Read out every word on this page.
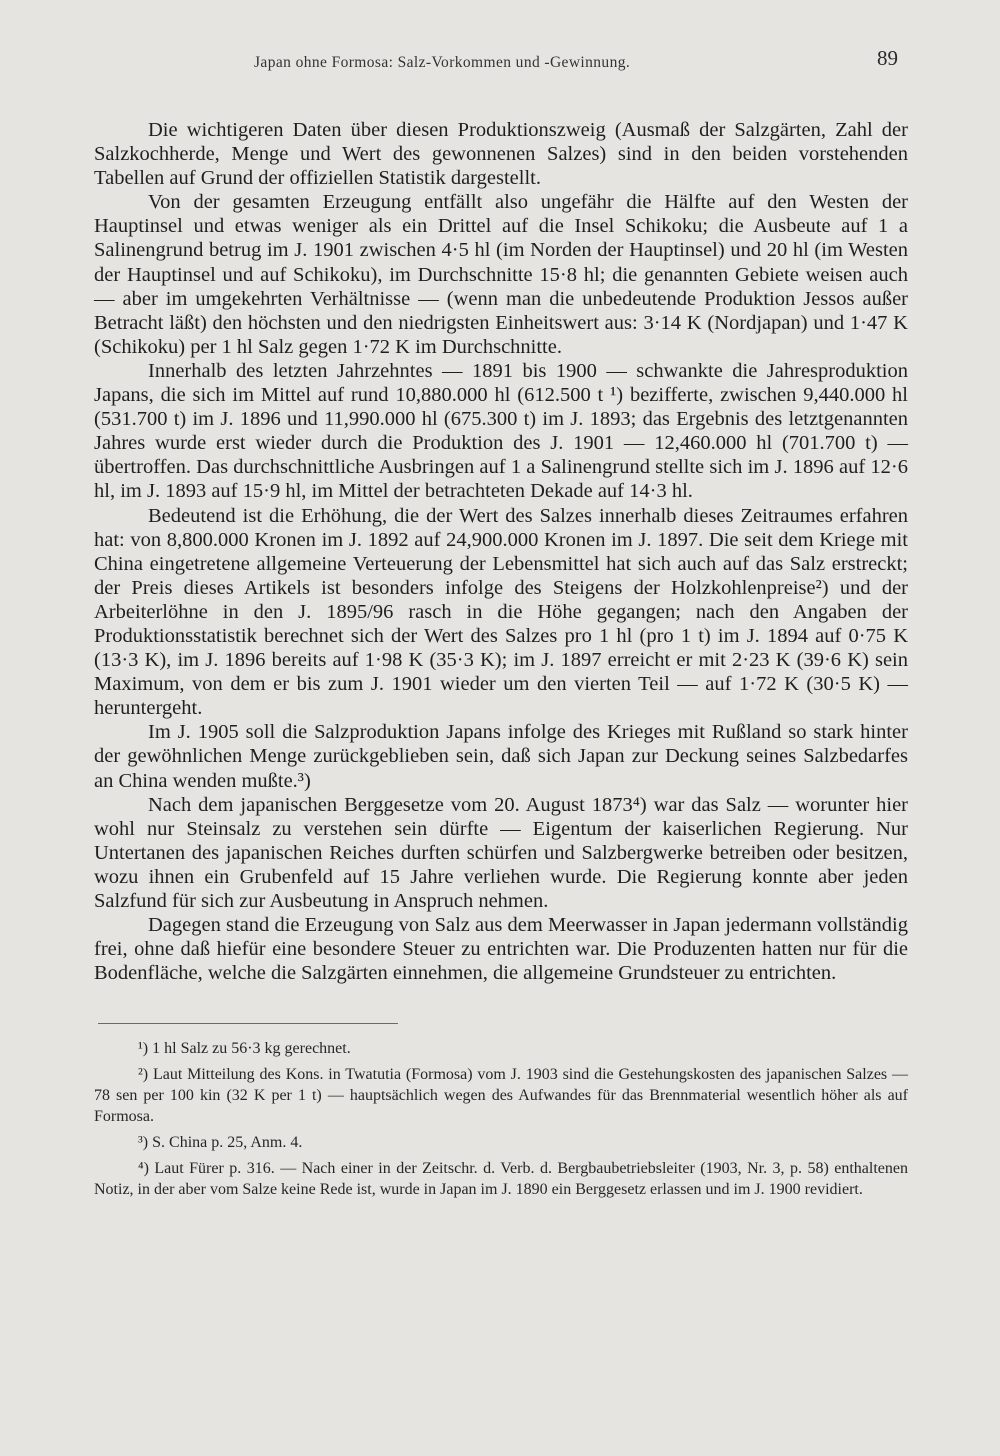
Japan ohne Formosa: Salz-Vorkommen und -Gewinnung.	89

Die wichtigeren Daten über diesen Produktionszweig (Ausmaß der Salzgärten, Zahl der Salzkochherde, Menge und Wert des gewonnenen Salzes) sind in den beiden vorstehenden Tabellen auf Grund der offiziellen Statistik dargestellt.

Von der gesamten Erzeugung entfällt also ungefähr die Hälfte auf den Westen der Hauptinsel und etwas weniger als ein Drittel auf die Insel Schikoku; die Ausbeute auf 1 a Salinengrund betrug im J. 1901 zwischen 4·5 hl (im Norden der Hauptinsel) und 20 hl (im Westen der Hauptinsel und auf Schikoku), im Durchschnitte 15·8 hl; die genannten Gebiete weisen auch — aber im umgekehrten Verhältnisse — (wenn man die unbedeutende Produktion Jessos außer Betracht läßt) den höchsten und den niedrigsten Einheitswert aus: 3·14 K (Nordjapan) und 1·47 K (Schikoku) per 1 hl Salz gegen 1·72 K im Durchschnitte.

Innerhalb des letzten Jahrzehntes — 1891 bis 1900 — schwankte die Jahresproduktion Japans, die sich im Mittel auf rund 10,880.000 hl (612.500 t ¹) bezifferte, zwischen 9,440.000 hl (531.700 t) im J. 1896 und 11,990.000 hl (675.300 t) im J. 1893; das Ergebnis des letztgenannten Jahres wurde erst wieder durch die Produktion des J. 1901 — 12,460.000 hl (701.700 t) — übertroffen. Das durchschnittliche Ausbringen auf 1 a Salinengrund stellte sich im J. 1896 auf 12·6 hl, im J. 1893 auf 15·9 hl, im Mittel der betrachteten Dekade auf 14·3 hl.

Bedeutend ist die Erhöhung, die der Wert des Salzes innerhalb dieses Zeitraumes erfahren hat: von 8,800.000 Kronen im J. 1892 auf 24,900.000 Kronen im J. 1897. Die seit dem Kriege mit China eingetretene allgemeine Verteuerung der Lebensmittel hat sich auch auf das Salz erstreckt; der Preis dieses Artikels ist besonders infolge des Steigens der Holzkohlenpreise²) und der Arbeiterlöhne in den J. 1895/96 rasch in die Höhe gegangen; nach den Angaben der Produktionsstatistik berechnet sich der Wert des Salzes pro 1 hl (pro 1 t) im J. 1894 auf 0·75 K (13·3 K), im J. 1896 bereits auf 1·98 K (35·3 K); im J. 1897 erreicht er mit 2·23 K (39·6 K) sein Maximum, von dem er bis zum J. 1901 wieder um den vierten Teil — auf 1·72 K (30·5 K) — heruntergeht.

Im J. 1905 soll die Salzproduktion Japans infolge des Krieges mit Rußland so stark hinter der gewöhnlichen Menge zurückgeblieben sein, daß sich Japan zur Deckung seines Salzbedarfes an China wenden mußte.³)

Nach dem japanischen Berggesetze vom 20. August 1873⁴) war das Salz — worunter hier wohl nur Steinsalz zu verstehen sein dürfte — Eigentum der kaiserlichen Regierung. Nur Untertanen des japanischen Reiches durften schürfen und Salzbergwerke betreiben oder besitzen, wozu ihnen ein Grubenfeld auf 15 Jahre verliehen wurde. Die Regierung konnte aber jeden Salzfund für sich zur Ausbeutung in Anspruch nehmen.

Dagegen stand die Erzeugung von Salz aus dem Meerwasser in Japan jedermann vollständig frei, ohne daß hiefür eine besondere Steuer zu entrichten war. Die Produzenten hatten nur für die Bodenfläche, welche die Salzgärten einnehmen, die allgemeine Grundsteuer zu entrichten.

¹) 1 hl Salz zu 56·3 kg gerechnet.

²) Laut Mitteilung des Kons. in Twatutia (Formosa) vom J. 1903 sind die Gestehungskosten des japanischen Salzes — 78 sen per 100 kin (32 K per 1 t) — hauptsächlich wegen des Aufwandes für das Brennmaterial wesentlich höher als auf Formosa.

³) S. China p. 25, Anm. 4.

⁴) Laut Fürer p. 316. — Nach einer in der Zeitschr. d. Verb. d. Bergbaubetriebsleiter (1903, Nr. 3, p. 58) enthaltenen Notiz, in der aber vom Salze keine Rede ist, wurde in Japan im J. 1890 ein Berggesetz erlassen und im J. 1900 revidiert.
